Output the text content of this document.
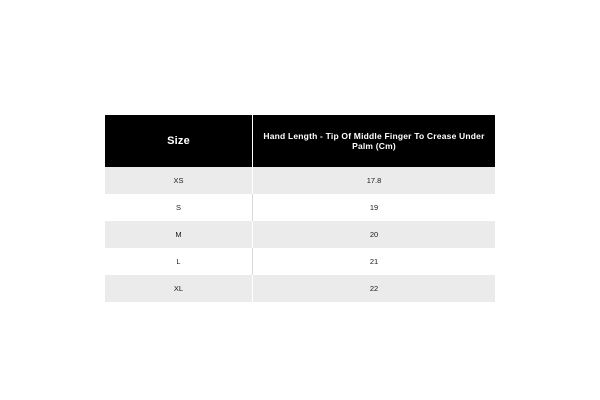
Size	Hand Length - Tip Of Middle Finger To Crease Under Palm (Cm)
XS	17.8
S	19
M	20
L	21
XL	22
